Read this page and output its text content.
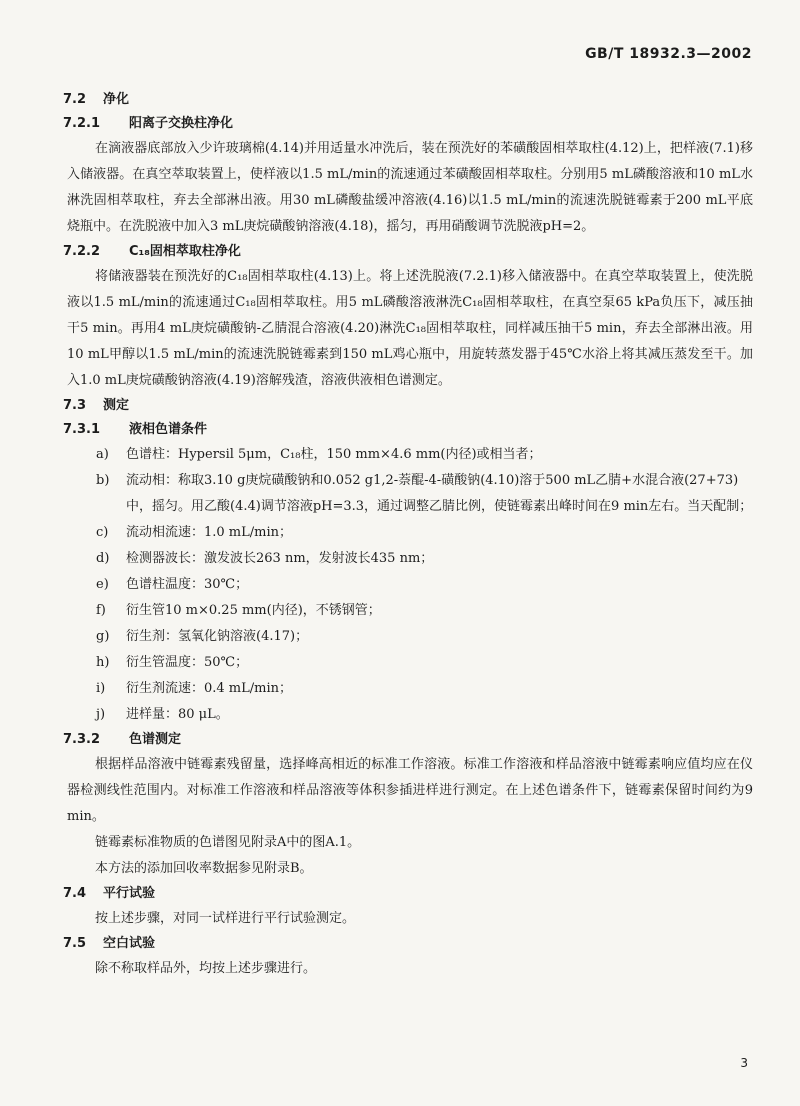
GB/T 18932.3—2002
7.2 净化
7.2.1 阳离子交换柱净化
在滴液器底部放入少许玻璃棉(4.14)并用适量水冲洗后，装在预洗好的苯磺酸固相萃取柱(4.12)上，把样液(7.1)移入储液器。在真空萃取装置上，使样液以1.5 mL/min的流速通过苯磺酸固相萃取柱。分别用5 mL磷酸溶液和10 mL水淋洗固相萃取柱，弃去全部淋出液。用30 mL磷酸盐缓冲溶液(4.16)以1.5 mL/min的流速洗脱链霉素于200 mL平底烧瓶中。在洗脱液中加入3 mL庚烷磺酸钠溶液(4.18)，摇匀，再用硝酸调节洗脱液pH=2。
7.2.2 C₁₈固相萃取柱净化
将储液器装在预洗好的C₁₈固相萃取柱(4.13)上。将上述洗脱液(7.2.1)移入储液器中。在真空萃取装置上，使洗脱液以1.5 mL/min的流速通过C₁₈固相萃取柱。用5 mL磷酸溶液淋洗C₁₈固相萃取柱，在真空泵65 kPa负压下，减压抽干5 min。再用4 mL庚烷磺酸钠-乙腈混合溶液(4.20)淋洗C₁₈固相萃取柱，同样减压抽干5 min，弃去全部淋出液。用10 mL甲醇以1.5 mL/min的流速洗脱链霉素到150 mL鸡心瓶中，用旋转蒸发器于45℃水浴上将其减压蒸发至干。加入1.0 mL庚烷磺酸钠溶液(4.19)溶解残渣，溶液供液相色谱测定。
7.3 测定
7.3.1 液相色谱条件
a) 色谱柱：Hypersil 5μm，C₁₈柱，150 mm×4.6 mm(内径)或相当者；
b) 流动相：称取3.10 g庚烷磺酸钠和0.052 g1,2-萘醌-4-磺酸钠(4.10)溶于500 mL乙腈+水混合液(27+73)中，摇匀。用乙酸(4.4)调节溶液pH=3.3，通过调整乙腈比例，使链霉素出峰时间在9 min左右。当天配制；
c) 流动相流速：1.0 mL/min；
d) 检测器波长：激发波长263 nm，发射波长435 nm；
e) 色谱柱温度：30℃；
f) 衍生管10 m×0.25 mm(内径)，不锈钢管；
g) 衍生剂：氢氧化钠溶液(4.17)；
h) 衍生管温度：50℃；
i) 衍生剂流速：0.4 mL/min；
j) 进样量：80 μL。
7.3.2 色谱测定
根据样品溶液中链霉素残留量，选择峰高相近的标准工作溶液。标准工作溶液和样品溶液中链霉素响应值均应在仪器检测线性范围内。对标准工作溶液和样品溶液等体积参插进样进行测定。在上述色谱条件下，链霉素保留时间约为9 min。
链霉素标准物质的色谱图见附录A中的图A.1。
本方法的添加回收率数据参见附录B。
7.4 平行试验
按上述步骤，对同一试样进行平行试验测定。
7.5 空白试验
除不称取样品外，均按上述步骤进行。
3
